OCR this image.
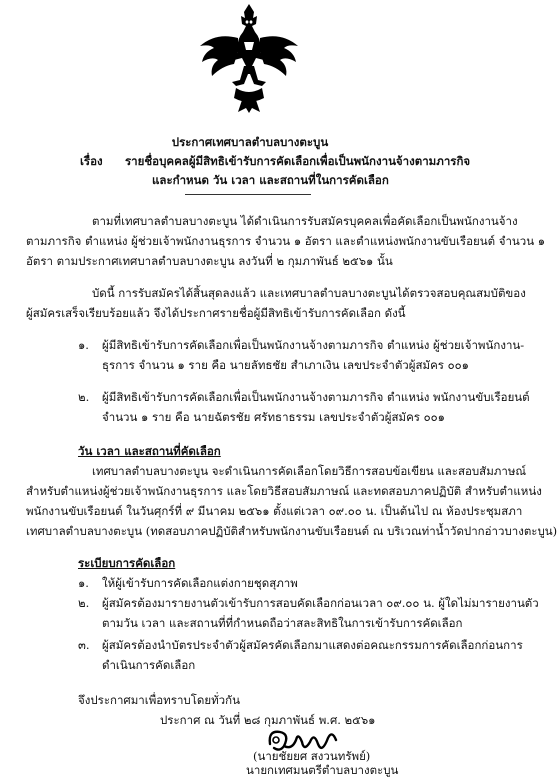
ประกาศเทศบาลตำบลบางตะบูน
เรื่อง รายชื่อบุคคลผู้มีสิทธิเข้ารับการคัดเลือกเพื่อเป็นพนักงานจ้างตามภารกิจ
และกำหนด วัน เวลา และสถานที่ในการคัดเลือก
ตามที่เทศบาลตำบลบางตะบูน ได้ดำเนินการรับสมัครบุคคลเพื่อคัดเลือกเป็นพนักงานจ้าง
ตามภารกิจ ตำแหน่ง ผู้ช่วยเจ้าพนักงานธุรการ จำนวน ๑ อัตรา และตำแหน่งพนักงานขับเรือยนต์ จำนวน ๑
อัตรา ตามประกาศเทศบาลตำบลบางตะบูน ลงวันที่ ๒ กุมภาพันธ์ ๒๕๖๑ นั้น
บัดนี้ การรับสมัครได้สิ้นสุดลงแล้ว และเทศบาลตำบลบางตะบูนได้ตรวจสอบคุณสมบัติของ
ผู้สมัครเสร็จเรียบร้อยแล้ว จึงได้ประกาศรายชื่อผู้มีสิทธิเข้ารับการคัดเลือก ดังนี้
๑. ผู้มีสิทธิเข้ารับการคัดเลือกเพื่อเป็นพนักงานจ้างตามภารกิจ ตำแหน่ง ผู้ช่วยเจ้าพนักงาน-
ธุรการ จำนวน ๑ ราย คือ นายลัทธชัย สำเภาเงิน เลขประจำตัวผู้สมัคร ๐๐๑
๒. ผู้มีสิทธิเข้ารับการคัดเลือกเพื่อเป็นพนักงานจ้างตามภารกิจ ตำแหน่ง พนักงานขับเรือยนต์
จำนวน ๑ ราย คือ นายฉัตรชัย ศรัทธาธรรม เลขประจำตัวผู้สมัคร ๐๐๑
วัน เวลา และสถานที่คัดเลือก
เทศบาลตำบลบางตะบูน จะดำเนินการคัดเลือกโดยวิธีการสอบข้อเขียน และสอบสัมภาษณ์
สำหรับตำแหน่งผู้ช่วยเจ้าพนักงานธุรการ และโดยวิธีสอบสัมภาษณ์ และทดสอบภาคปฏิบัติ สำหรับตำแหน่ง
พนักงานขับเรือยนต์ ในวันศุกร์ที่ ๙ มีนาคม ๒๕๖๑ ตั้งแต่เวลา ๐๙.๐๐ น. เป็นต้นไป ณ ห้องประชุมสภา
เทศบาลตำบลบางตะบูน (ทดสอบภาคปฏิบัติสำหรับพนักงานขับเรือยนต์ ณ บริเวณท่าน้ำวัดปากอ่าวบางตะบูน)
ระเบียบการคัดเลือก
๑. ให้ผู้เข้ารับการคัดเลือกแต่งกายชุดสุภาพ
๒. ผู้สมัครต้องมารายงานตัวเข้ารับการสอบคัดเลือกก่อนเวลา ๐๙.๐๐ น. ผู้ใดไม่มารายงานตัว
ตามวัน เวลา และสถานที่ที่กำหนดถือว่าสละสิทธิในการเข้ารับการคัดเลือก
๓. ผู้สมัครต้องนำบัตรประจำตัวผู้สมัครคัดเลือกมาแสดงต่อคณะกรรมการคัดเลือกก่อนการ
ดำเนินการคัดเลือก
จึงประกาศมาเพื่อทราบโดยทั่วกัน
ประกาศ ณ วันที่ ๒๘ กุมภาพันธ์ พ.ศ. ๒๕๖๑
(นายชัยยศ สงวนทรัพย์)
นายกเทศมนตรีตำบลบางตะบูน
